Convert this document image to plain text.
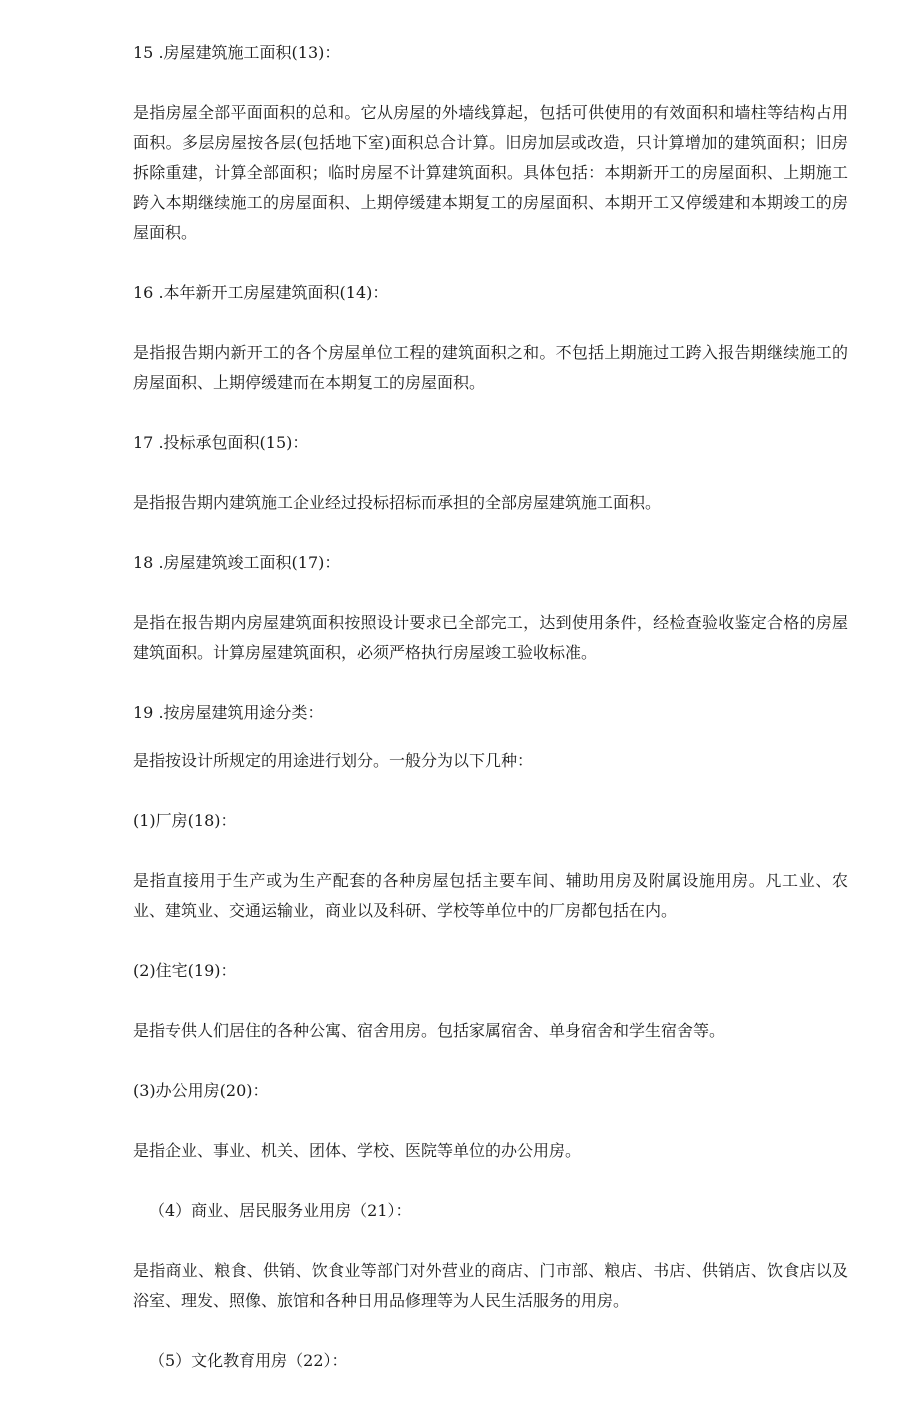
15 .房屋建筑施工面积(13)：
是指房屋全部平面面积的总和。它从房屋的外墙线算起，包括可供使用的有效面积和墙柱等结构占用面积。多层房屋按各层(包括地下室)面积总合计算。旧房加层或改造，只计算增加的建筑面积；旧房拆除重建，计算全部面积；临时房屋不计算建筑面积。具体包括：本期新开工的房屋面积、上期施工跨入本期继续施工的房屋面积、上期停缓建本期复工的房屋面积、本期开工又停缓建和本期竣工的房屋面积。
16 .本年新开工房屋建筑面积(14)：
是指报告期内新开工的各个房屋单位工程的建筑面积之和。不包括上期施过工跨入报告期继续施工的房屋面积、上期停缓建而在本期复工的房屋面积。
17 .投标承包面积(15)：
是指报告期内建筑施工企业经过投标招标而承担的全部房屋建筑施工面积。
18 .房屋建筑竣工面积(17)：
是指在报告期内房屋建筑面积按照设计要求已全部完工，达到使用条件，经检查验收鉴定合格的房屋建筑面积。计算房屋建筑面积，必须严格执行房屋竣工验收标准。
19 .按房屋建筑用途分类：
是指按设计所规定的用途进行划分。一般分为以下几种：
(1)厂房(18)：
是指直接用于生产或为生产配套的各种房屋包括主要车间、辅助用房及附属设施用房。凡工业、农业、建筑业、交通运输业，商业以及科研、学校等单位中的厂房都包括在内。
(2)住宅(19)：
是指专供人们居住的各种公寓、宿舍用房。包括家属宿舍、单身宿舍和学生宿舍等。
(3)办公用房(20)：
是指企业、事业、机关、团体、学校、医院等单位的办公用房。
（4）商业、居民服务业用房（21）：
是指商业、粮食、供销、饮食业等部门对外营业的商店、门市部、粮店、书店、供销店、饮食店以及浴室、理发、照像、旅馆和各种日用品修理等为人民生活服务的用房。
（5）文化教育用房（22）：
